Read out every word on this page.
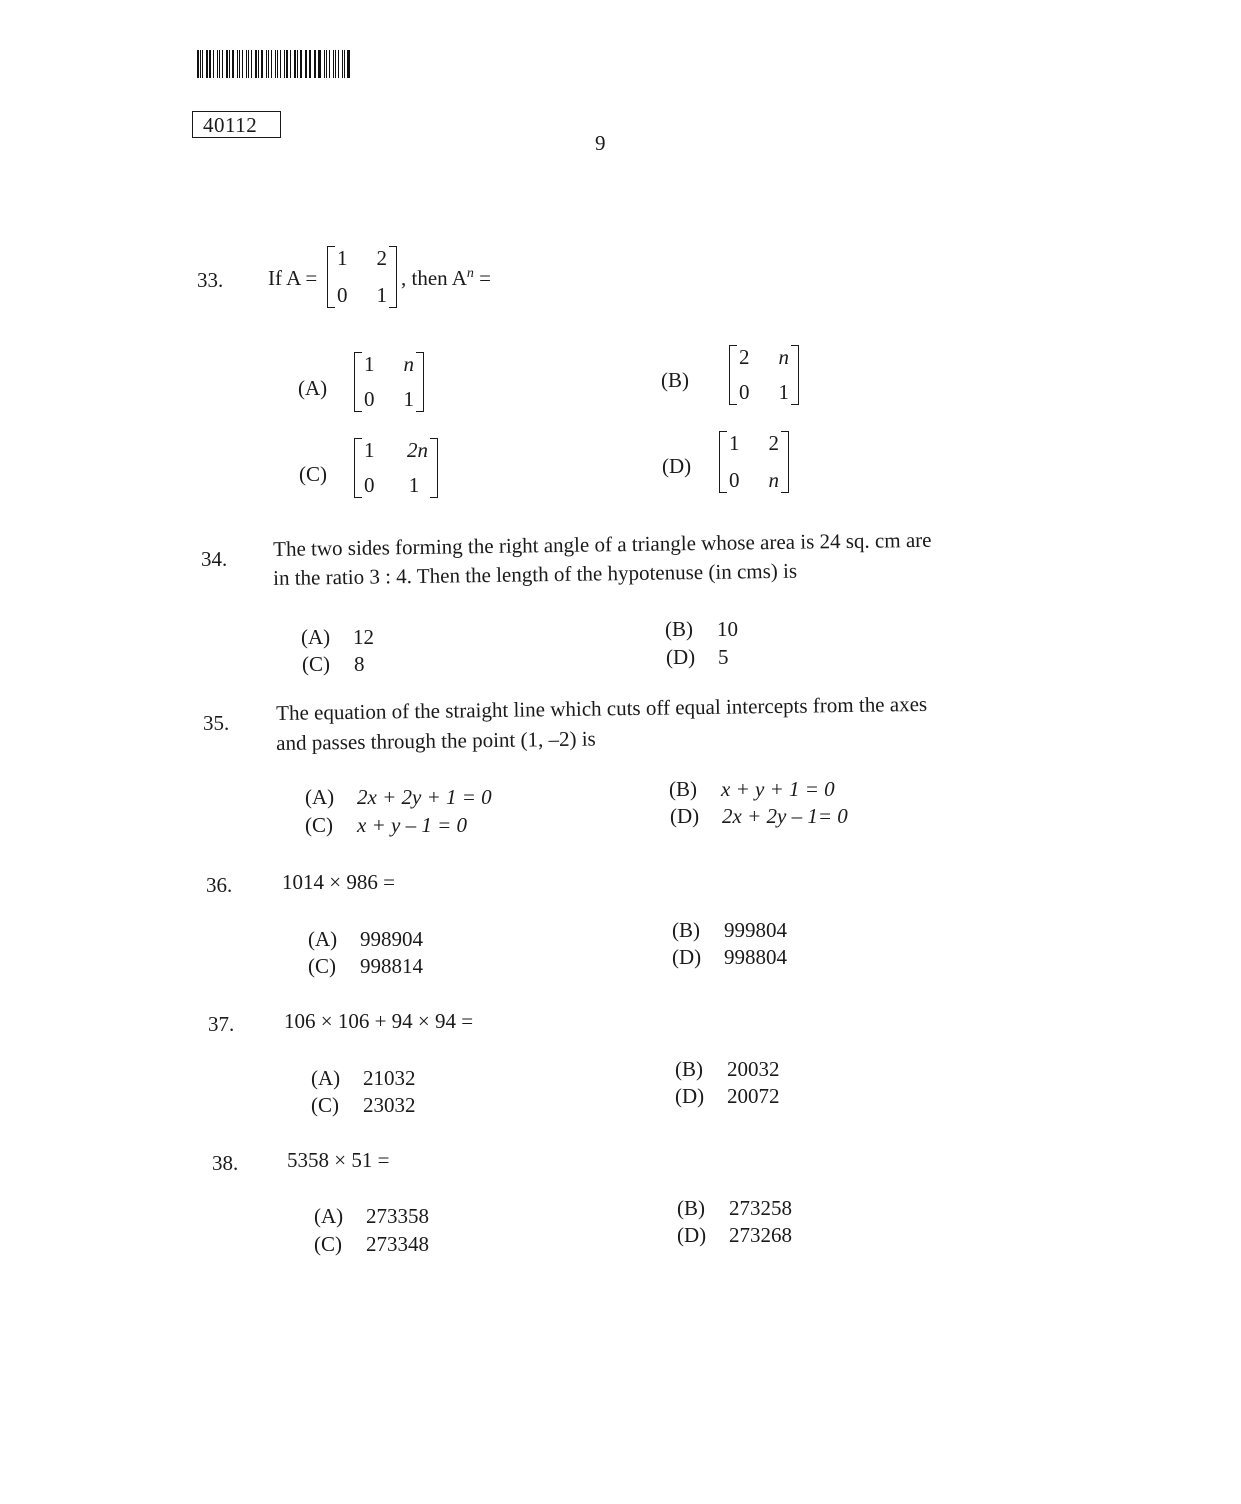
40112
9
33. If A =
1 2
0 1
, then $A^n$ =
(A)
1 n
0 1
(B)
2 n
0 1
(C)
1 2n
0	1
(D)
1 2
0 n
34. The two sides forming the right angle of a triangle whose area is 24 sq. cm are
in the ratio 3 : 4. Then the length of the hypotenuse (in cms) is
(A) 12	(B) 10
(C) 8	(D) 5
35. The equation of the straight line which cuts off equal intercepts from the axes
and passes through the point (1, –2) is
(A) 2x + 2y + 1 = 0	(B) x + y + 1 = 0
(C) x + y – 1 = 0	(D) 2x + 2y – 1= 0
36. 1014 × 986 =
(A) 998904	(B) 999804
(C) 998814	(D) 998804
37. 106 × 106 + 94 × 94 =
(A) 21032	(B) 20032
(C) 23032	(D) 20072
38. 5358 × 51 =
(A) 273358	(B) 273258
(C) 273348	(D) 273268
